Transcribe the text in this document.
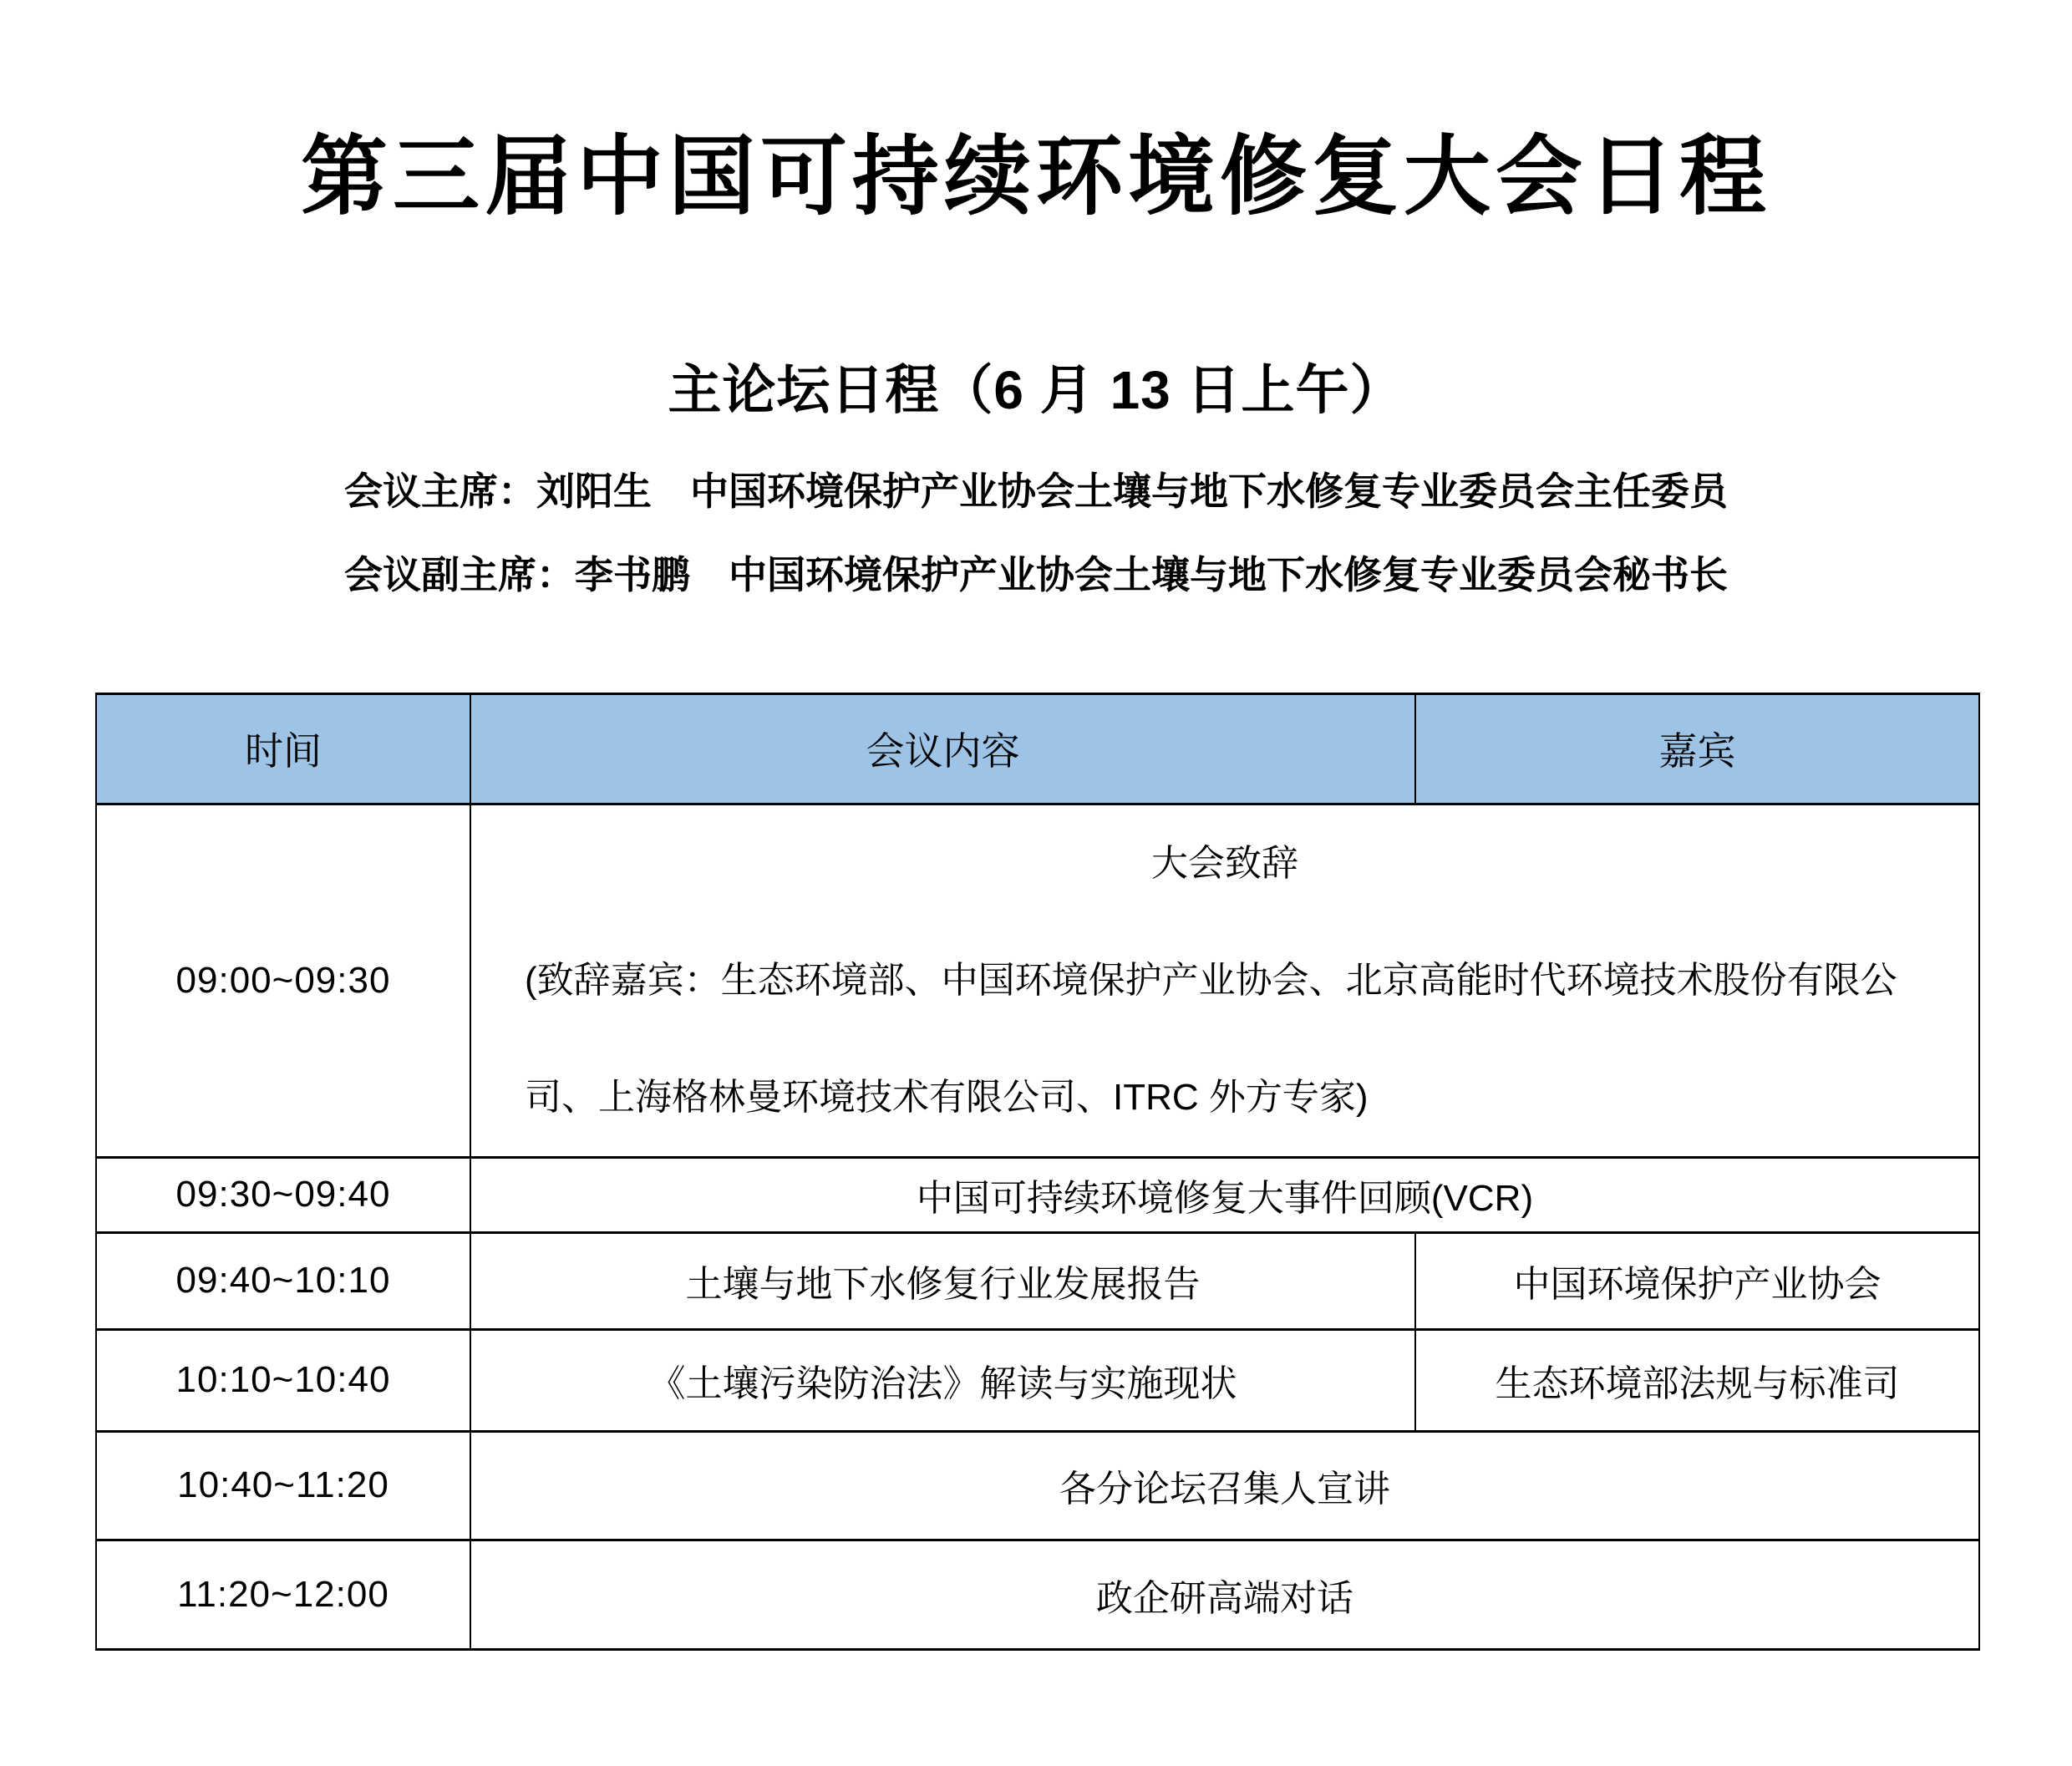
第三届中国可持续环境修复大会日程
主论坛日程（6 月 13 日上午）
会议主席：刘阳生　中国环境保护产业协会土壤与地下水修复专业委员会主任委员
会议副主席：李书鹏　中国环境保护产业协会土壤与地下水修复专业委员会秘书长
时间	会议内容	嘉宾
09:00~09:30	大会致辞
(致辞嘉宾：生态环境部、中国环境保护产业协会、北京高能时代环境技术股份有限公司、上海格林曼环境技术有限公司、ITRC 外方专家)	

09:30~09:40	中国可持续环境修复大事件回顾(VCR)	
09:40~10:10	土壤与地下水修复行业发展报告	中国环境保护产业协会
10:10~10:40	《土壤污染防治法》解读与实施现状	生态环境部法规与标准司
10:40~11:20	各分论坛召集人宣讲	
11:20~12:00	政企研高端对话	
